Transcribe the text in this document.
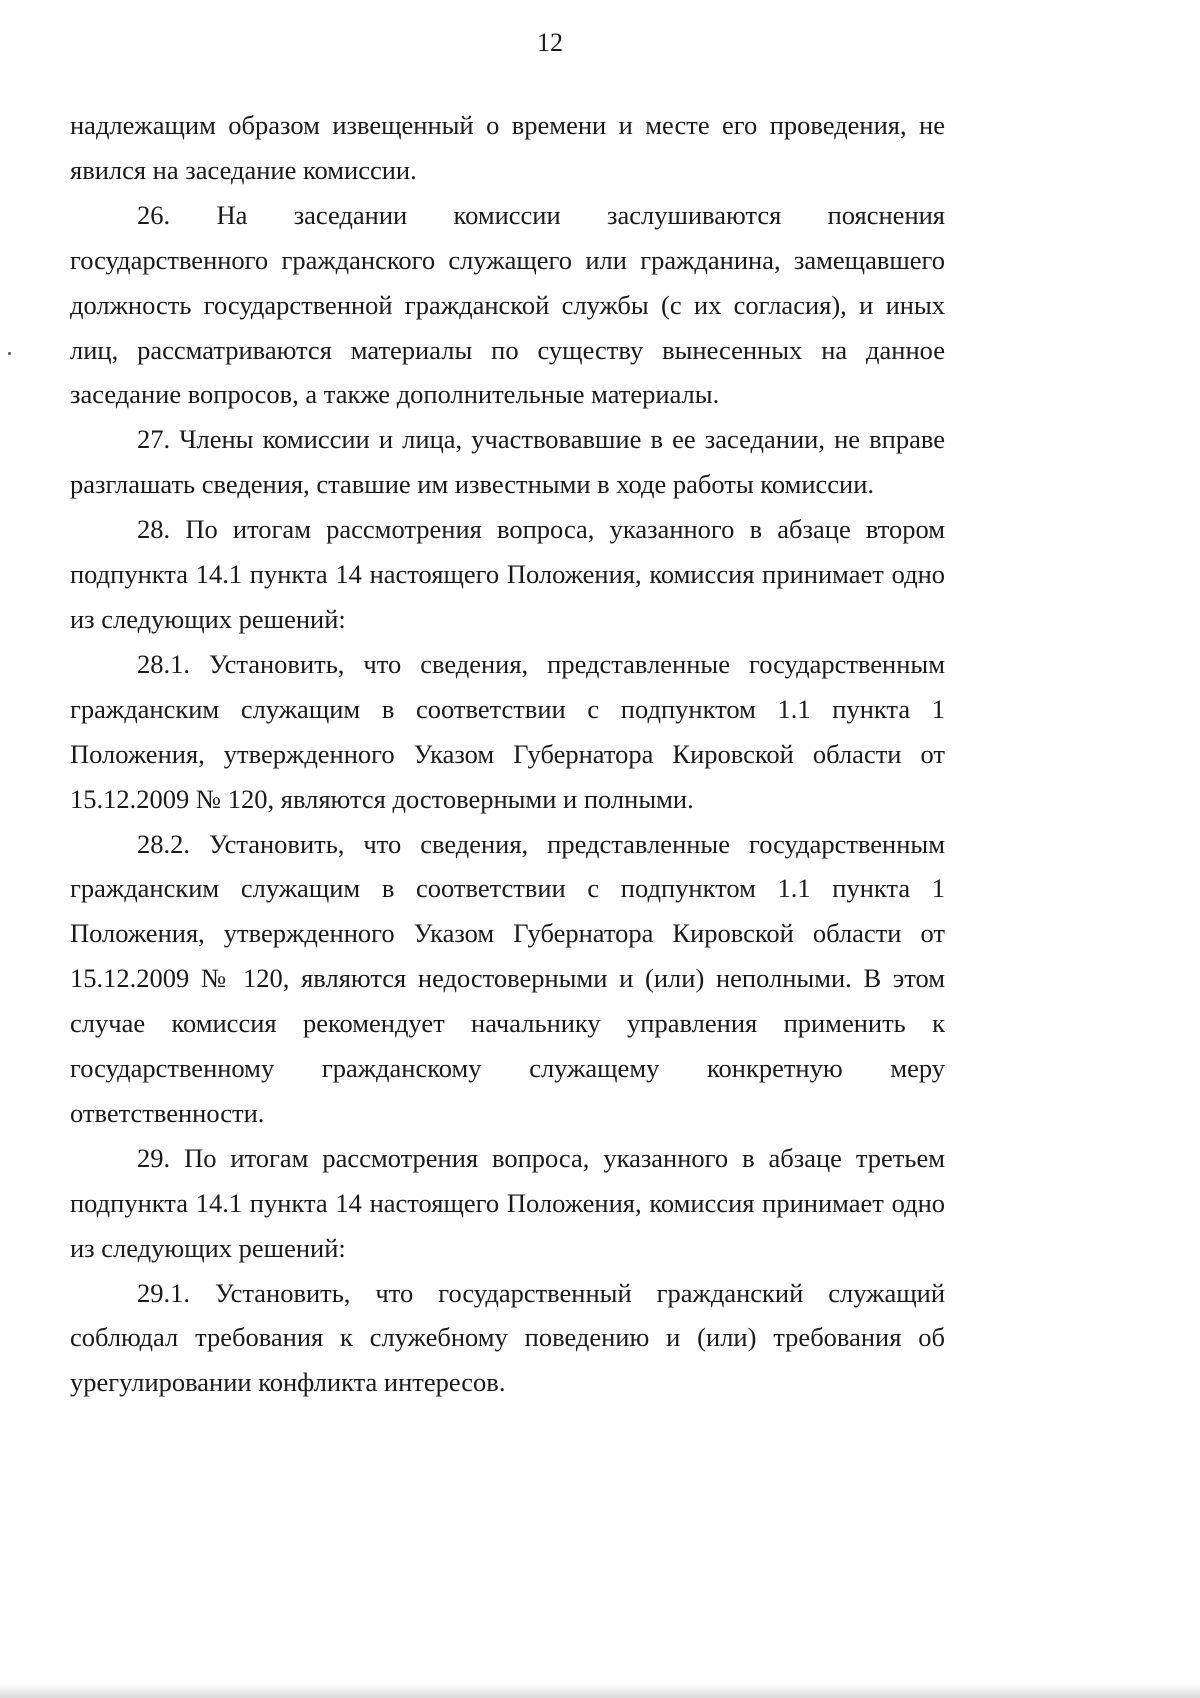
12

надлежащим образом извещенный о времени и месте его проведения, не явился на заседание комиссии.

26. На заседании комиссии заслушиваются пояснения государственного гражданского служащего или гражданина, замещавшего должность государственной гражданской службы (с их согласия), и иных лиц, рассматриваются материалы по существу вынесенных на данное заседание вопросов, а также дополнительные материалы.

27. Члены комиссии и лица, участвовавшие в ее заседании, не вправе разглашать сведения, ставшие им известными в ходе работы комиссии.

28. По итогам рассмотрения вопроса, указанного в абзаце втором подпункта 14.1 пункта 14 настоящего Положения, комиссия принимает одно из следующих решений:

28.1. Установить, что сведения, представленные государственным гражданским служащим в соответствии с подпунктом 1.1 пункта 1 Положения, утвержденного Указом Губернатора Кировской области от 15.12.2009 № 120, являются достоверными и полными.

28.2. Установить, что сведения, представленные государственным гражданским служащим в соответствии с подпунктом 1.1 пункта 1 Положения, утвержденного Указом Губернатора Кировской области от 15.12.2009 № 120, являются недостоверными и (или) неполными. В этом случае комиссия рекомендует начальнику управления применить к государственному гражданскому служащему конкретную меру ответственности.

29. По итогам рассмотрения вопроса, указанного в абзаце третьем подпункта 14.1 пункта 14 настоящего Положения, комиссия принимает одно из следующих решений:

29.1. Установить, что государственный гражданский служащий соблюдал требования к служебному поведению и (или) требования об урегулировании конфликта интересов.
